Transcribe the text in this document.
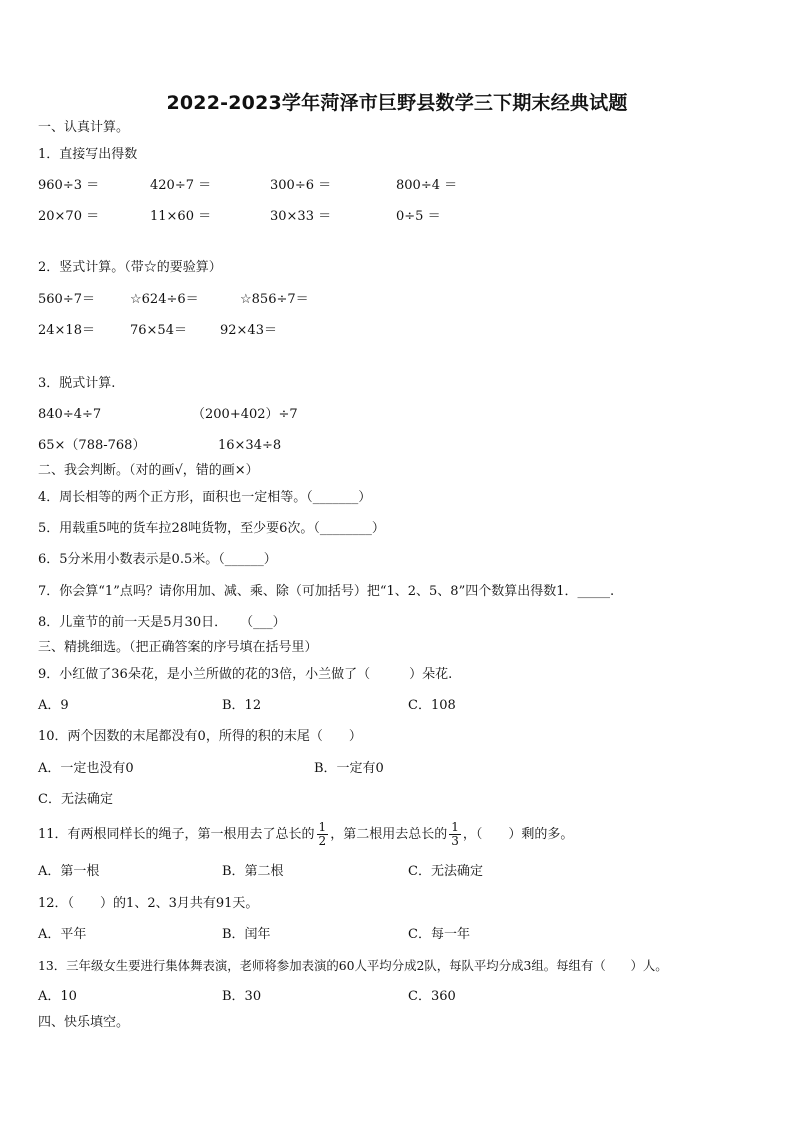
2022-2023学年菏泽市巨野县数学三下期末经典试题
一、认真计算。
1．直接写出得数
960÷3 ＝	420÷7 ＝	300÷6 ＝	800÷4 ＝
20×70 ＝	11×60 ＝	30×33 ＝	0÷5 ＝
2．竖式计算。（带☆的要验算）
560÷7＝	☆624÷6＝	☆856÷7＝
24×18＝	76×54＝	92×43＝
3．脱式计算.
840÷4÷7	（200+402）÷7
65×（788-768）	16×34÷8
二、我会判断。（对的画√，错的画×）
4．周长相等的两个正方形，面积也一定相等。（_______）
5．用载重5吨的货车拉28吨货物，至少要6次。（________）
6．5分米用小数表示是0.5米。（______）
7．你会算“1”点吗？请你用加、减、乘、除（可加括号）把“1、2、5、8”四个数算出得数1．_____.
8．儿童节的前一天是5月30日．　　（___）
三、精挑细选。（把正确答案的序号填在括号里）
9．小红做了36朵花，是小兰所做的花的3倍，小兰做了（　　　）朵花.
A．9	B．12	C．108
10．两个因数的末尾都没有0，所得的积的末尾（　　）
A．一定也没有0	B．一定有0
C．无法确定
11．有两根同样长的绳子，第一根用去了总长的 $\frac{1}{2}$ ，第二根用去总长的 $\frac{1}{3}$ ，（　　）剩的多。
A．第一根	B．第二根	C．无法确定
12．（　　）的1、2、3月共有91天。
A．平年	B．闰年	C．每一年
13．三年级女生要进行集体舞表演，老师将参加表演的60人平均分成2队，每队平均分成3组。每组有（　　）人。
A．10	B．30	C．360
四、快乐填空。
